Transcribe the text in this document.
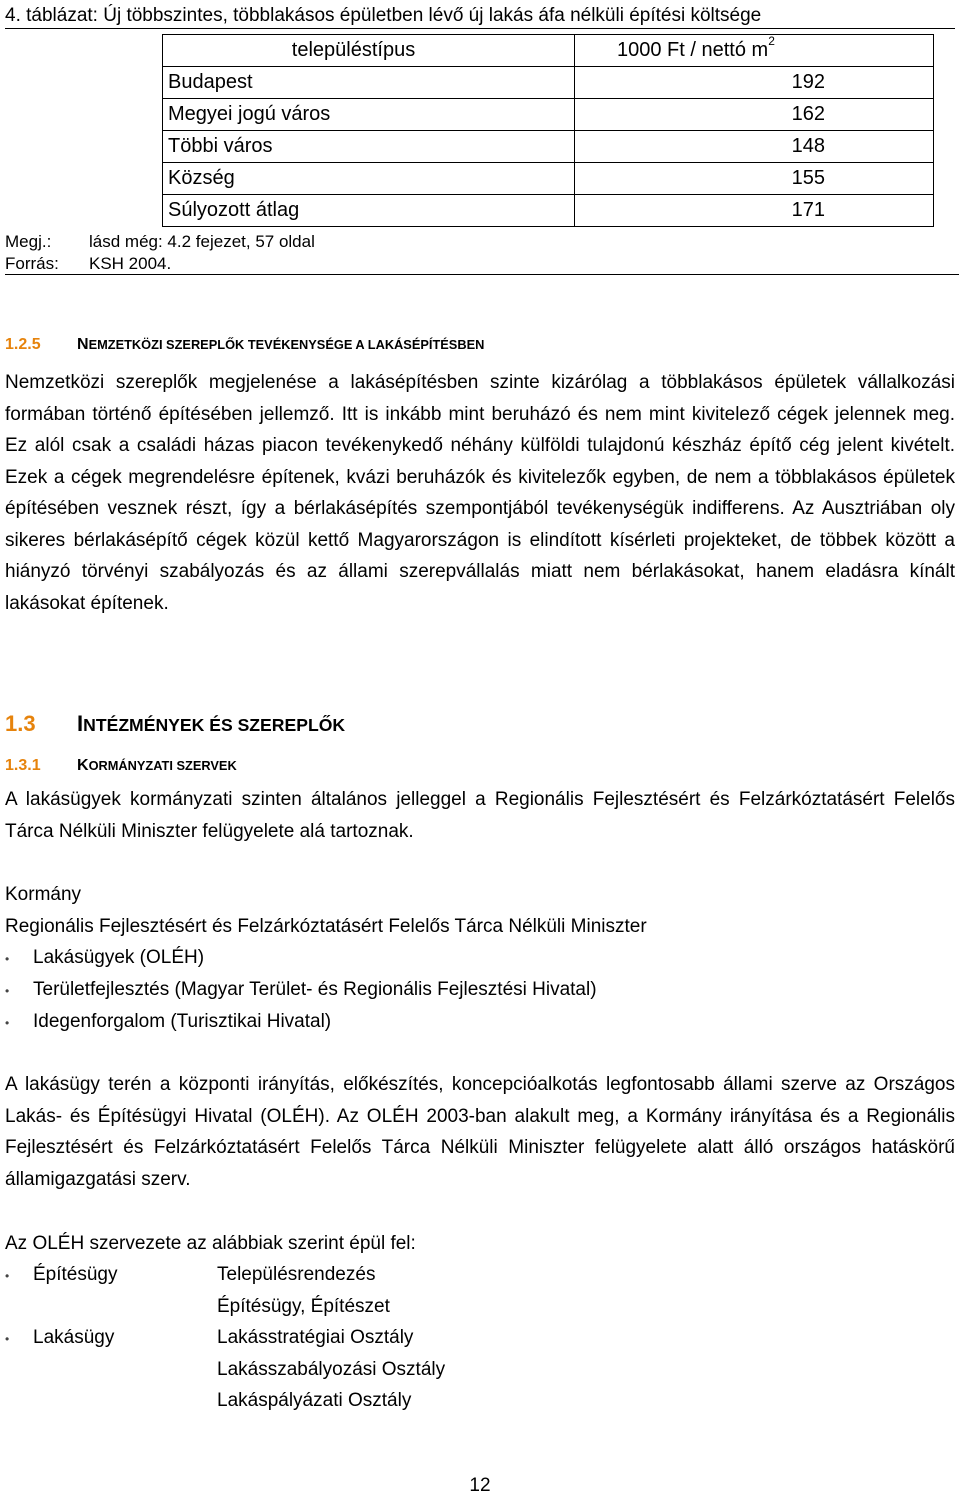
4. táblázat: Új többszintes, többlakásos épületben lévő új lakás áfa nélküli építési költsége
településtípus	1000 Ft / nettó $m^2$
Budapest	192
Megyei jogú város	162
Többi város	148
Község	155
Súlyozott átlag	171
Megj.: lásd még: 4.2 fejezet, 57 oldal
Forrás: KSH 2004.
1.2.5 NEMZETKÖZI SZEREPLŐK TEVÉKENYSÉGE A LAKÁSÉPÍTÉSBEN
Nemzetközi szereplők megjelenése a lakásépítésben szinte kizárólag a többlakásos épületek vállalkozási formában történő építésében jellemző. Itt is inkább mint beruházó és nem mint kivitelező cégek jelennek meg. Ez alól csak a családi házas piacon tevékenykedő néhány külföldi tulajdonú készház építő cég jelent kivételt. Ezek a cégek megrendelésre építenek, kvázi beruházók és kivitelezők egyben, de nem a többlakásos épületek építésében vesznek részt, így a bérlakásépítés szempontjából tevékenységük indifferens. Az Ausztriában oly sikeres bérlakásépítő cégek közül kettő Magyarországon is elindított kísérleti projekteket, de többek között a hiányzó törvényi szabályozás és az állami szerepvállalás miatt nem bérlakásokat, hanem eladásra kínált lakásokat építenek.
1.3 INTÉZMÉNYEK ÉS SZEREPLŐK
1.3.1 KORMÁNYZATI SZERVEK
A lakásügyek kormányzati szinten általános jelleggel a Regionális Fejlesztésért és Felzárkóztatásért Felelős Tárca Nélküli Miniszter felügyelete alá tartoznak.
Kormány
Regionális Fejlesztésért és Felzárkóztatásért Felelős Tárca Nélküli Miniszter
• Lakásügyek (OLÉH)
• Területfejlesztés (Magyar Terület- és Regionális Fejlesztési Hivatal)
• Idegenforgalom (Turisztikai Hivatal)
A lakásügy terén a központi irányítás, előkészítés, koncepcióalkotás legfontosabb állami szerve az Országos Lakás- és Építésügyi Hivatal (OLÉH). Az OLÉH 2003-ban alakult meg, a Kormány irányítása és a Regionális Fejlesztésért és Felzárkóztatásért Felelős Tárca Nélküli Miniszter felügyelete alatt álló országos hatáskörű államigazgatási szerv.
Az OLÉH szervezete az alábbiak szerint épül fel:
• Építésügy	Településrendezés
Építésügy, Építészet
• Lakásügy	Lakásstratégiai Osztály
Lakásszabályozási Osztály
Lakáspályázati Osztály
12
